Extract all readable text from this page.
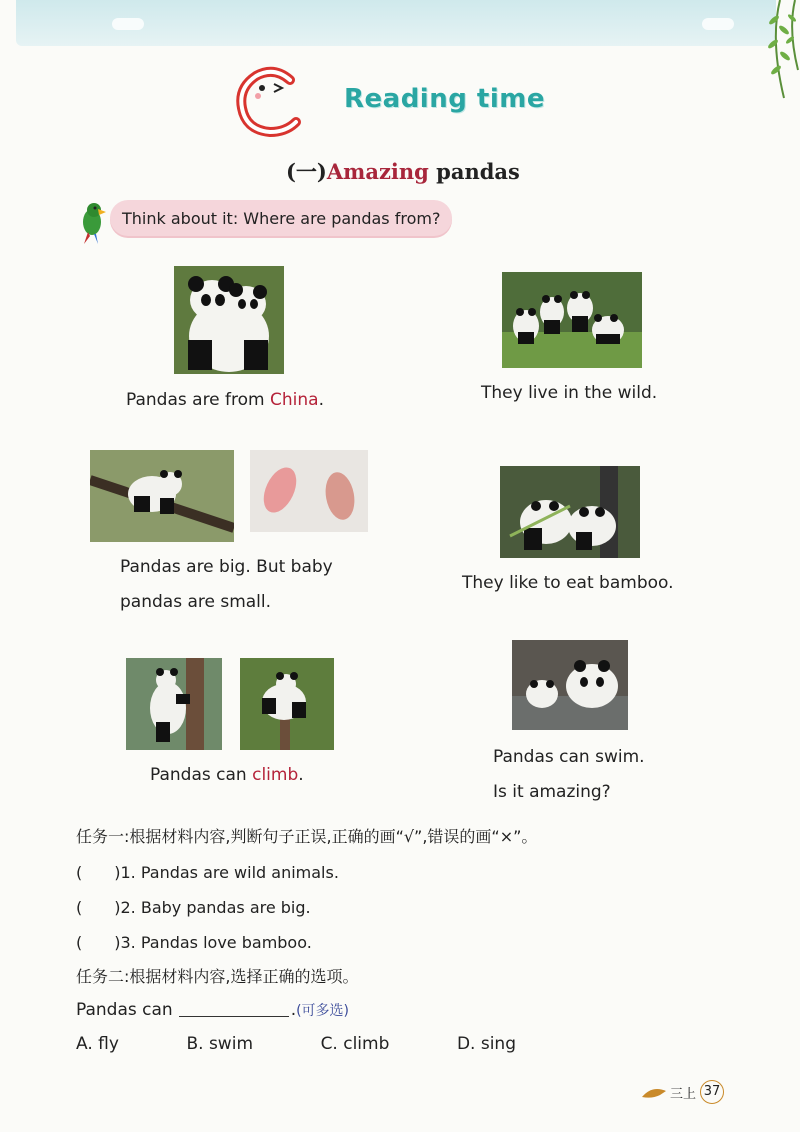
Reading time
(一)Amazing pandas
Think about it: Where are pandas from?
Pandas are from China.	They live in the wild.
Pandas are big. But baby
pandas are small.
They like to eat bamboo.
Pandas can climb.
Pandas can swim.
Is it amazing?
任务一:根据材料内容,判断句子正误,正确的画“√”,错误的画“×”。
(　　)1. Pandas are wild animals.
(　　)2. Baby pandas are big.
(　　)3. Pandas love bamboo.
任务二:根据材料内容,选择正确的选项。
Pandas can	.(可多选)
A. fly	B. swim	C. climb	D. sing
三上 37
